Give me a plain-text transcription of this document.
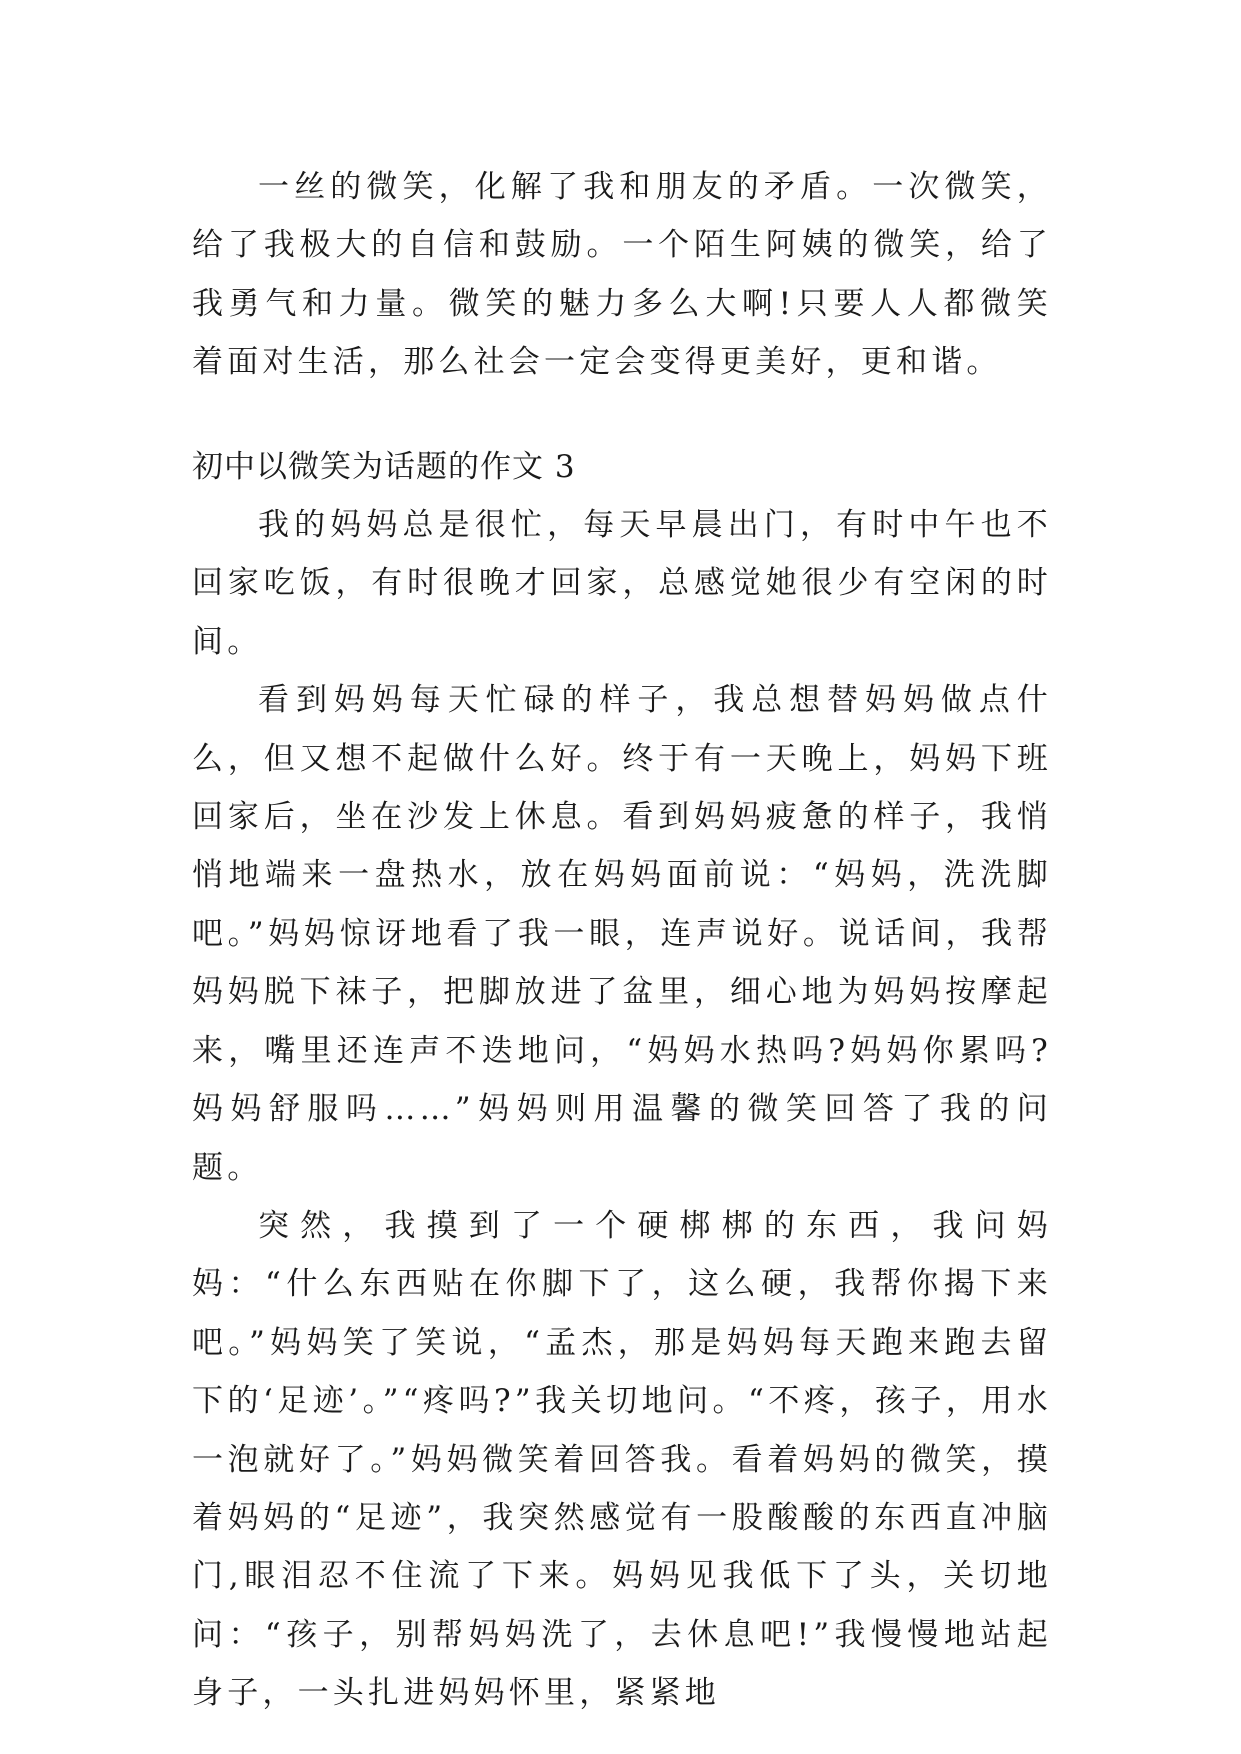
一丝的微笑，化解了我和朋友的矛盾。一次微笑，给了我极大的自信和鼓励。一个陌生阿姨的微笑，给了我勇气和力量。微笑的魅力多么大啊!只要人人都微笑着面对生活，那么社会一定会变得更美好，更和谐。

初中以微笑为话题的作文 3

我的妈妈总是很忙，每天早晨出门，有时中午也不回家吃饭，有时很晚才回家，总感觉她很少有空闲的时间。

看到妈妈每天忙碌的样子，我总想替妈妈做点什么，但又想不起做什么好。终于有一天晚上，妈妈下班回家后，坐在沙发上休息。看到妈妈疲惫的样子，我悄悄地端来一盘热水，放在妈妈面前说：“妈妈，洗洗脚吧。”妈妈惊讶地看了我一眼，连声说好。说话间，我帮妈妈脱下袜子，把脚放进了盆里，细心地为妈妈按摩起来，嘴里还连声不迭地问，“妈妈水热吗?妈妈你累吗?妈妈舒服吗……”妈妈则用温馨的微笑回答了我的问题。

突然，我摸到了一个硬梆梆的东西，我问妈妈：“什么东西贴在你脚下了，这么硬，我帮你揭下来吧。”妈妈笑了笑说，“孟杰，那是妈妈每天跑来跑去留下的‘足迹’。”“疼吗?”我关切地问。“不疼，孩子，用水一泡就好了。”妈妈微笑着回答我。看着妈妈的微笑，摸着妈妈的“足迹”，我突然感觉有一股酸酸的东西直冲脑门,眼泪忍不住流了下来。妈妈见我低下了头，关切地问：“孩子，别帮妈妈洗了，去休息吧!”我慢慢地站起身子，一头扎进妈妈怀里，紧紧地
